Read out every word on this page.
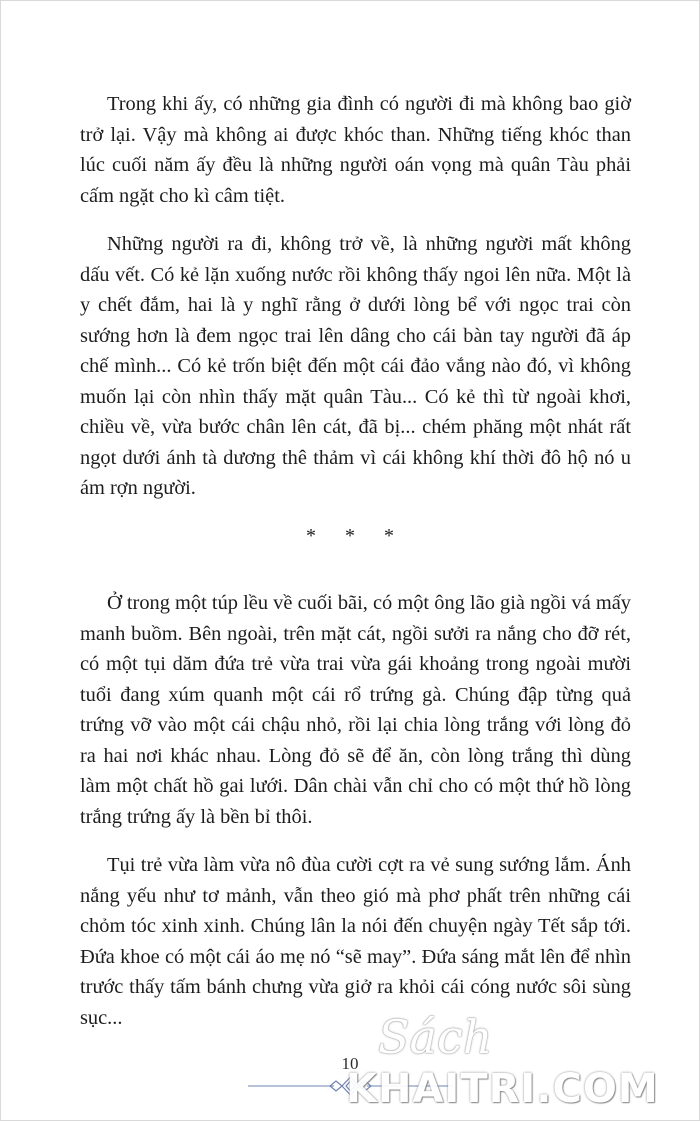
Trong khi ấy, có những gia đình có người đi mà không bao giờ trở lại. Vậy mà không ai được khóc than. Những tiếng khóc than lúc cuối năm ấy đều là những người oán vọng mà quân Tàu phải cấm ngặt cho kì câm tiệt.

Những người ra đi, không trở về, là những người mất không dấu vết. Có kẻ lặn xuống nước rồi không thấy ngoi lên nữa. Một là y chết đắm, hai là y nghĩ rằng ở dưới lòng bể với ngọc trai còn sướng hơn là đem ngọc trai lên dâng cho cái bàn tay người đã áp chế mình... Có kẻ trốn biệt đến một cái đảo vắng nào đó, vì không muốn lại còn nhìn thấy mặt quân Tàu... Có kẻ thì từ ngoài khơi, chiều về, vừa bước chân lên cát, đã bị... chém phăng một nhát rất ngọt dưới ánh tà dương thê thảm vì cái không khí thời đô hộ nó u ám rợn người.

* * *

Ở trong một túp lều về cuối bãi, có một ông lão già ngồi vá mấy manh buồm. Bên ngoài, trên mặt cát, ngồi sưởi ra nắng cho đỡ rét, có một tụi dăm đứa trẻ vừa trai vừa gái khoảng trong ngoài mười tuổi đang xúm quanh một cái rổ trứng gà. Chúng đập từng quả trứng vỡ vào một cái chậu nhỏ, rồi lại chia lòng trắng với lòng đỏ ra hai nơi khác nhau. Lòng đỏ sẽ để ăn, còn lòng trắng thì dùng làm một chất hồ gai lưới. Dân chài vẫn chỉ cho có một thứ hồ lòng trắng trứng ấy là bền bỉ thôi.

Tụi trẻ vừa làm vừa nô đùa cười cợt ra vẻ sung sướng lắm. Ánh nắng yếu như tơ mảnh, vẫn theo gió mà phơ phất trên những cái chỏm tóc xinh xinh. Chúng lân la nói đến chuyện ngày Tết sắp tới. Đứa khoe có một cái áo mẹ nó “sẽ may”. Đứa sáng mắt lên để nhìn trước thấy tấm bánh chưng vừa giở ra khỏi cái cóng nước sôi sùng sục...

10 Sách
KHAITRI.COM
